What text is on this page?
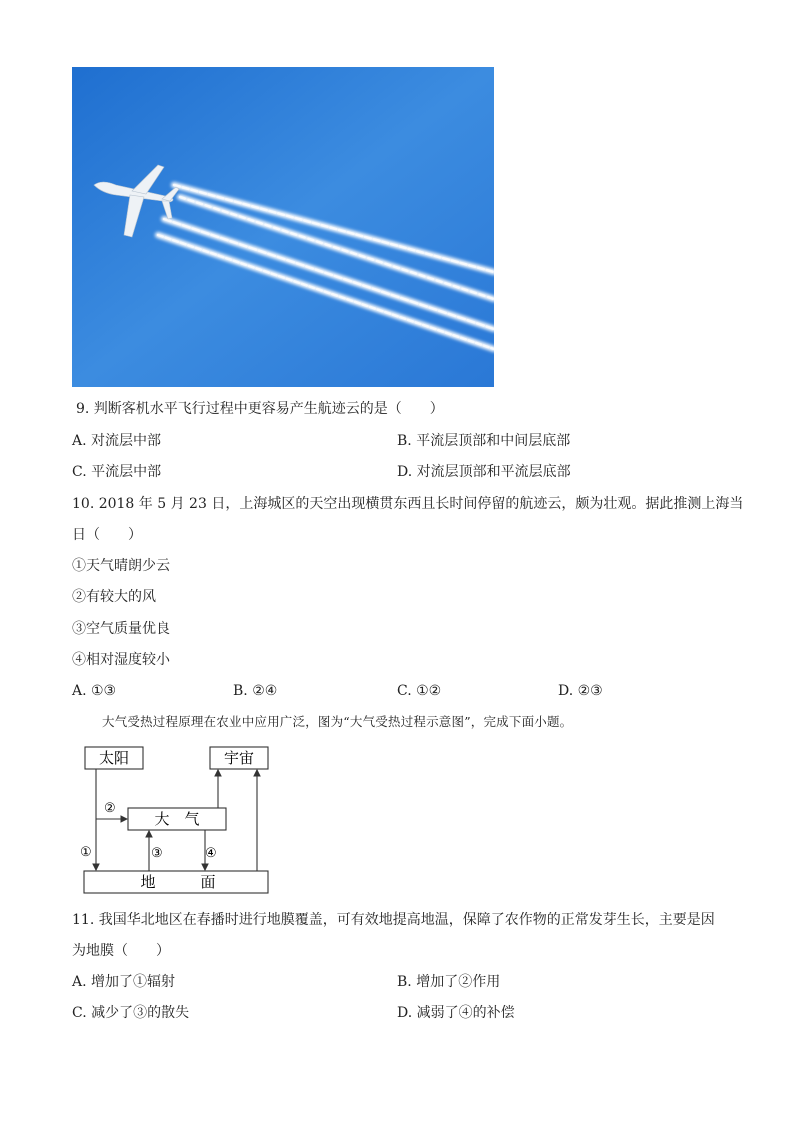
9. 判断客机水平飞行过程中更容易产生航迹云的是（　　）
A. 对流层中部	B. 平流层顶部和中间层底部
C. 平流层中部	D. 对流层顶部和平流层底部
10. 2018 年 5 月 23 日，上海城区的天空出现横贯东西且长时间停留的航迹云，颇为壮观。据此推测上海当
日（　　）
①天气晴朗少云
②有较大的风
③空气质量优良
④相对湿度较小
A. ①③	B. ②④	C. ①②	D. ②③
大气受热过程原理在农业中应用广泛，图为“大气受热过程示意图”，完成下面小题。
太阳	宇宙
大　气
地　　　面
②
①	③	④
11. 我国华北地区在春播时进行地膜覆盖，可有效地提高地温，保障了农作物的正常发芽生长，主要是因
为地膜（　　）
A. 增加了①辐射	B. 增加了②作用
C. 减少了③的散失	D. 减弱了④的补偿
